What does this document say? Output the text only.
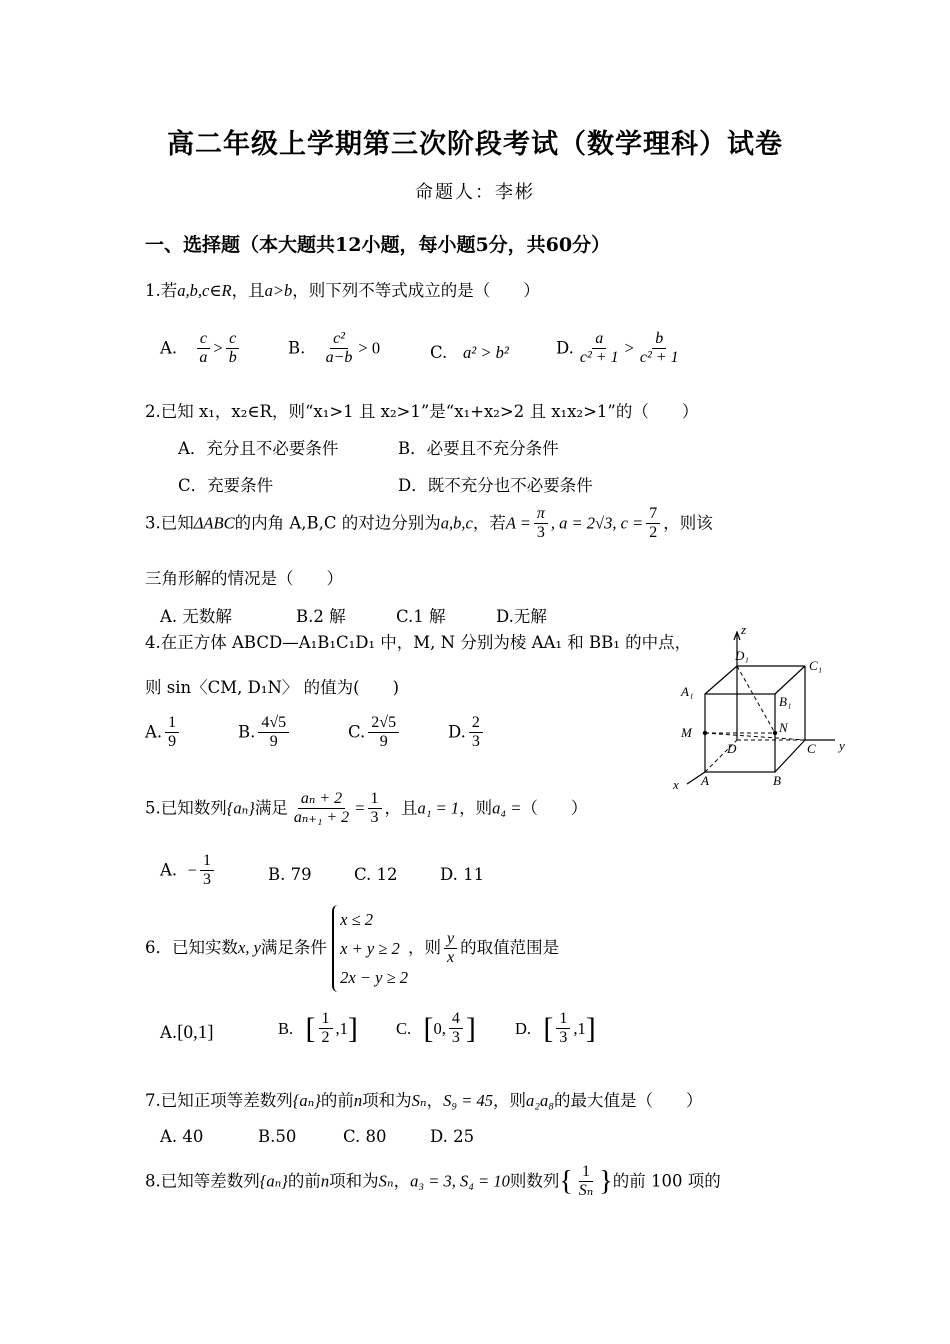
高二年级上学期第三次阶段考试（数学理科）试卷
命题人：李彬
一、选择题（本大题共12小题，每小题5分，共60分）
1.若a,b,c∈R，且a>b，则下列不等式成立的是（　　）
A. $\frac{c}{a} > \frac{c}{b}$	B. $\frac{\text{c²}}{a-b} > 0$	C. a² > b²	D. $\frac{a}{\text{c² + 1}} > \frac{b}{\text{c² + 1}}$
2.已知 x₁，x₂∈R，则“x₁>1 且 x₂>1”是“x₁+x₂>2 且 x₁x₂>1”的（　　）
A．充分且不必要条件	B．必要且不充分条件
C．充要条件	D．既不充分也不必要条件
3.已知ΔABC的内角 A,B,C 的对边分别为a,b,c，若$A = \frac{\pi}{3}$ , a = 2√3, $c = \frac{7}{2}$ ，则该
三角形解的情况是（　　）
A. 无数解	B.2 解	C.1 解	D.无解
4.在正方体 ABCD—A₁B₁C₁D₁ 中，M, N 分别为棱 AA₁ 和 BB₁ 的中点，
则 sin〈CM, D₁N〉 的值为(　　)
A. $\frac{1}{9}$	B. $\frac{4√5}{9}$	C. $\frac{2√5}{9}$	D. $\frac{2}{3}$
z
D₁
C₁
A₁
B₁
N
M
D	C y
x A	B
5.已知数列{aₙ}满足 $\frac{\text{aₙ + 2}}{\text{aₙ₊₁ + 2}} = \frac{1}{3}$ ，且a₁ = 1，则a₄ =（　　）
A. − $\frac{1}{3}$	B. 79	C. 12	D. 11
6．已知实数x, y满足条件
x ≤ 2
x + y ≥ 2
2x − y ≥ 2
，则 $\frac{y}{x}$ 的取值范围是
A.[0,1]	B.
[ $\frac{1}{2} ,1$ ] C.
[ 0, $\frac{4}{3}$ ] D.
[ $\frac{1}{3} ,1$ ]
7.已知正项等差数列{aₙ}的前n项和为Sₙ，S₉ = 45，则a₂a₈的最大值是（　　）
A. 40	B.50	C. 80	D. 25
8.已知等差数列{aₙ}的前n项和为Sₙ，a₃ = 3, S₄ = 10则数列{ $\frac{1}{\text{Sₙ}}$ }的前 100 项的
